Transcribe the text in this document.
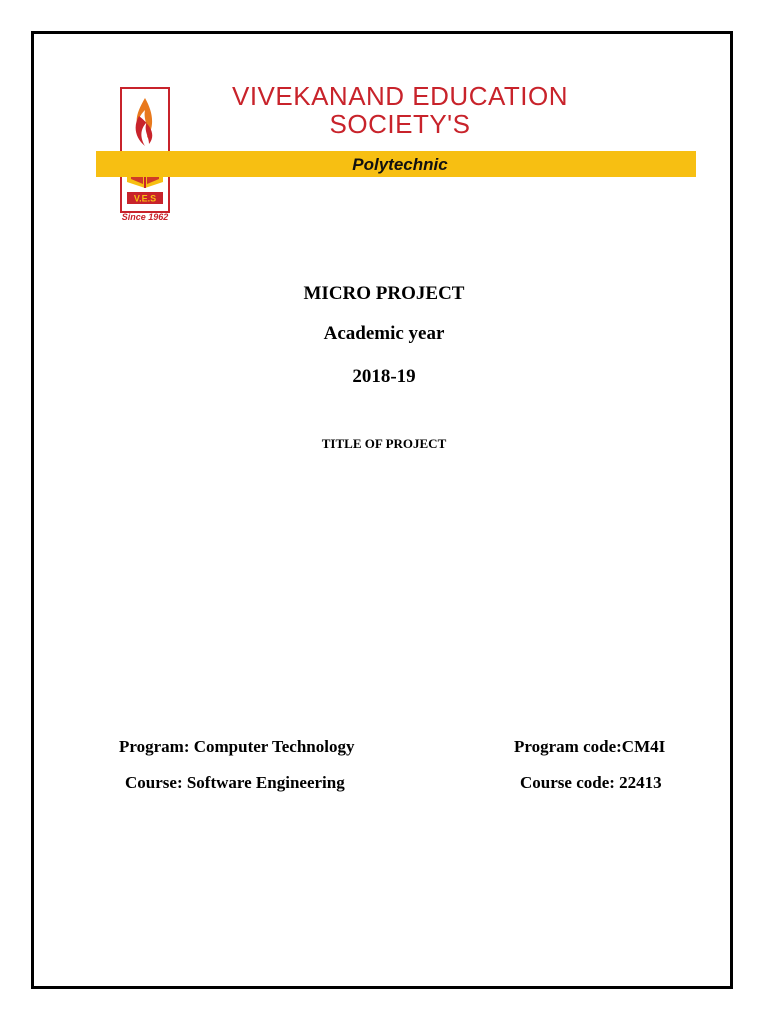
V.E.S
Since 1962
VIVEKANAND EDUCATION
SOCIETY'S
Polytechnic
MICRO PROJECT
Academic year
2018-19
TITLE OF PROJECT
Program: Computer Technology
Course: Software Engineering
Program code:CM4I
Course code: 22413
